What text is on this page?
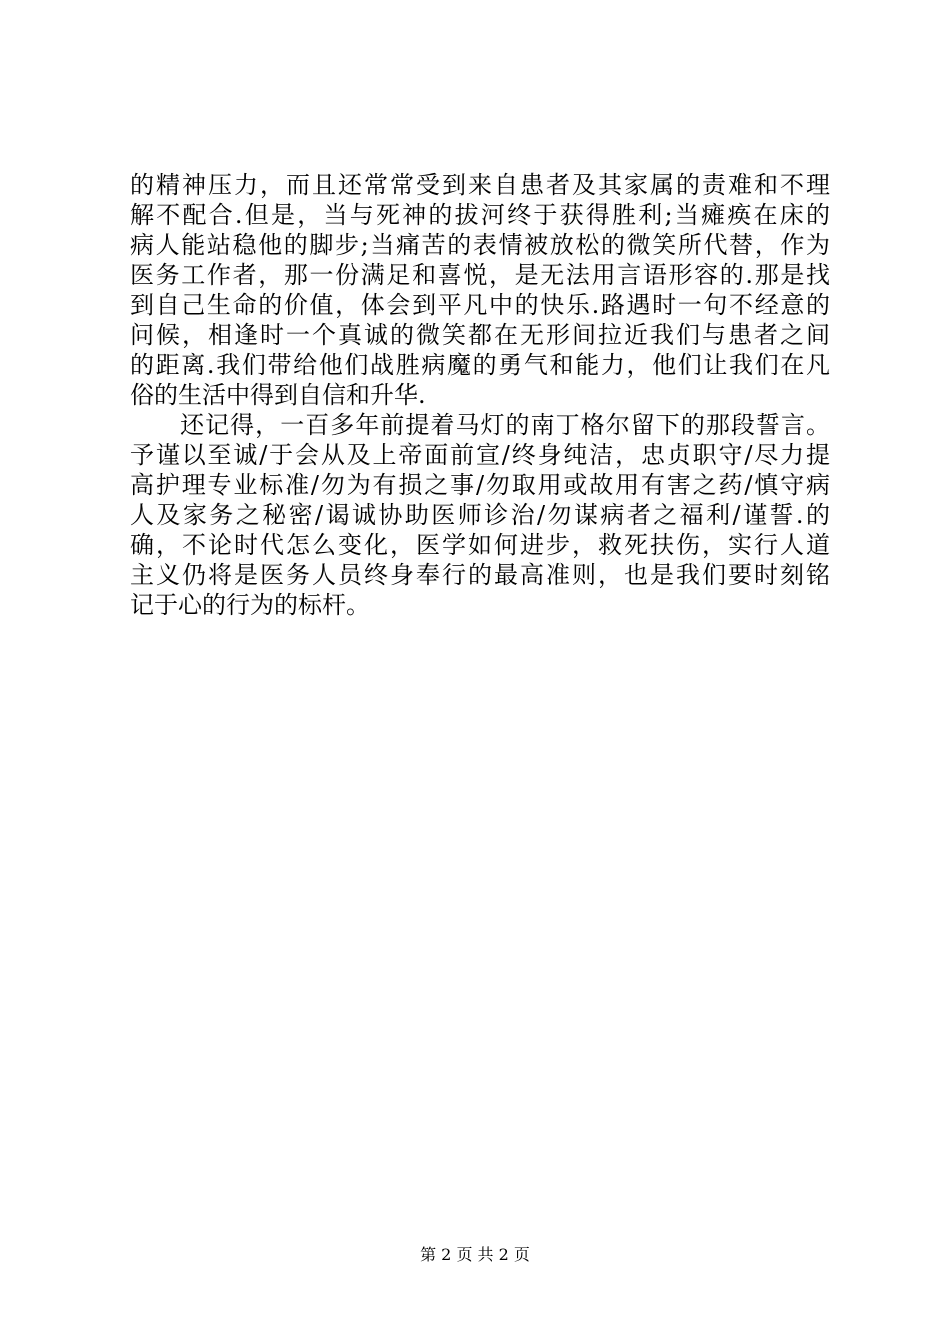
的精神压力，而且还常常受到来自患者及其家属的责难和不理
解不配合.但是，当与死神的拔河终于获得胜利;当瘫痪在床的
病人能站稳他的脚步;当痛苦的表情被放松的微笑所代替，作为
医务工作者，那一份满足和喜悦，是无法用言语形容的.那是找
到自己生命的价值，体会到平凡中的快乐.路遇时一句不经意的
问候，相逢时一个真诚的微笑都在无形间拉近我们与患者之间
的距离.我们带给他们战胜病魔的勇气和能力，他们让我们在凡
俗的生活中得到自信和升华.
　　还记得，一百多年前提着马灯的南丁格尔留下的那段誓言。
予谨以至诚/于会从及上帝面前宣/终身纯洁，忠贞职守/尽力提
高护理专业标准/勿为有损之事/勿取用或故用有害之药/慎守病
人及家务之秘密/谒诚协助医师诊治/勿谋病者之福利/谨誓.的
确，不论时代怎么变化，医学如何进步，救死扶伤，实行人道
主义仍将是医务人员终身奉行的最高准则，也是我们要时刻铭
记于心的行为的标杆。
第 2 页 共 2 页
